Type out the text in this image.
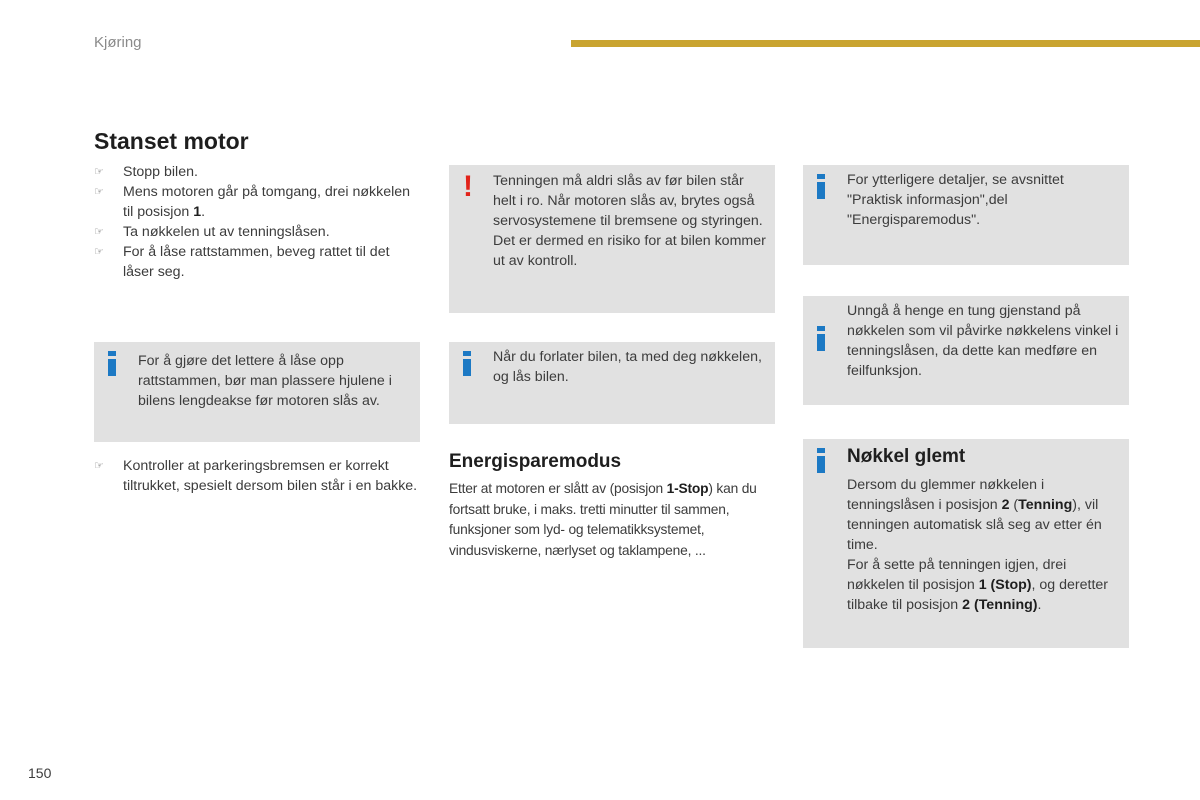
Kjøring
Stanset motor
☞ Stopp bilen.
☞ Mens motoren går på tomgang, drei nøkkelen til posisjon 1.
☞ Ta nøkkelen ut av tenningslåsen.
☞ For å låse rattstammen, beveg rattet til det låser seg.
For å gjøre det lettere å låse opp rattstammen, bør man plassere hjulene i bilens lengdeakse før motoren slås av.
☞ Kontroller at parkeringsbremsen er korrekt tiltrukket, spesielt dersom bilen står i en bakke.
! Tenningen må aldri slås av før bilen står helt i ro. Når motoren slås av, brytes også servosystemene til bremsene og styringen. Det er dermed en risiko for at bilen kommer ut av kontroll.
Når du forlater bilen, ta med deg nøkkelen, og lås bilen.
Energisparemodus

Etter at motoren er slått av (posisjon 1-Stop) kan du fortsatt bruke, i maks. tretti minutter til sammen, funksjoner som lyd- og telematikksystemet, vindusviskerne, nærlyset og taklampene, ...

For ytterligere detaljer, se avsnittet "Praktisk informasjon",del "Energisparemodus".
Unngå å henge en tung gjenstand på nøkkelen som vil påvirke nøkkelens vinkel i tenningslåsen, da dette kan medføre en feilfunksjon.
Nøkkel glemt

Dersom du glemmer nøkkelen i tenningslåsen i posisjon 2 (Tenning), vil tenningen automatisk slå seg av etter én time.

For å sette på tenningen igjen, drei nøkkelen til posisjon 1 (Stop), og deretter tilbake til posisjon 2 (Tenning).

150
